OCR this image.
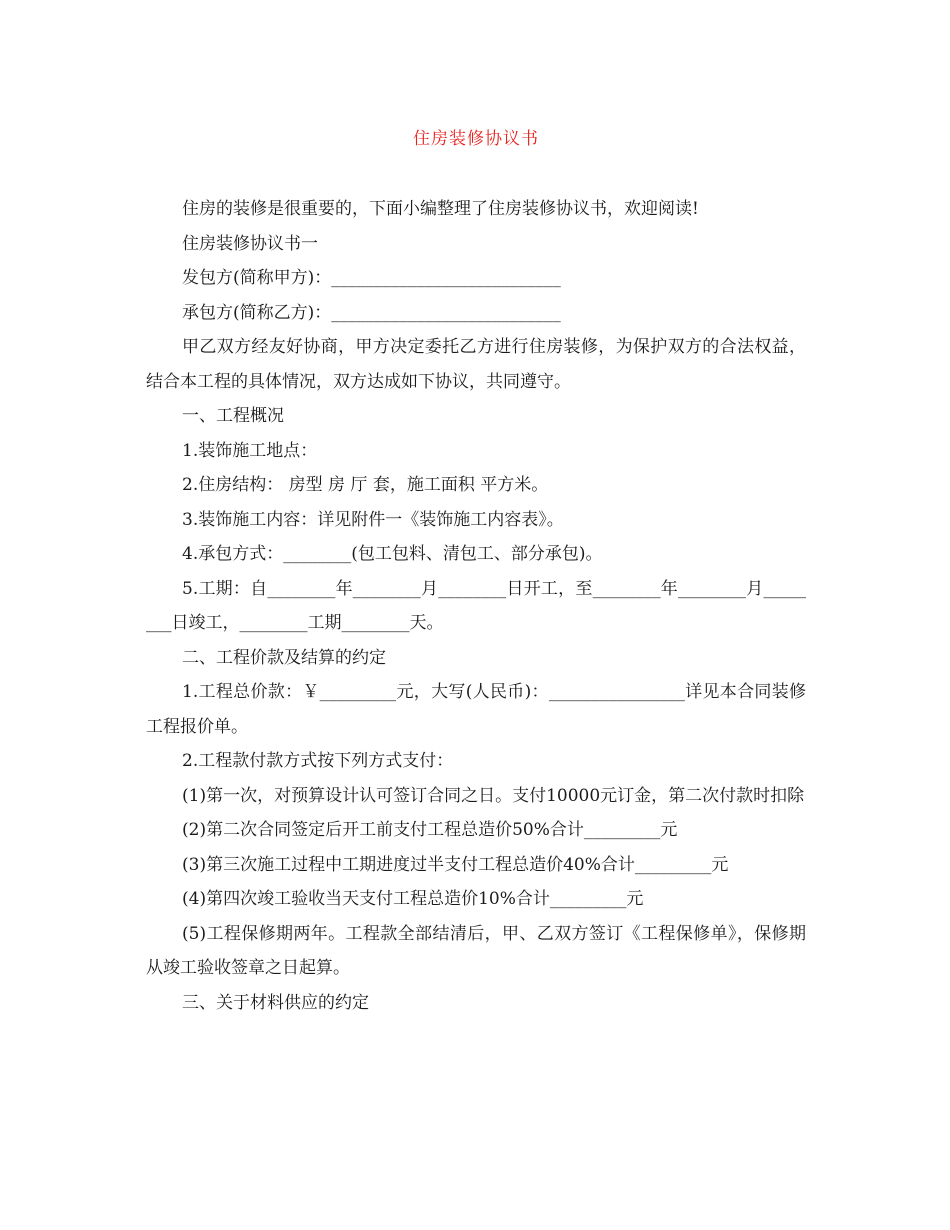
住房装修协议书

住房的装修是很重要的，下面小编整理了住房装修协议书，欢迎阅读!

住房装修协议书一

发包方(简称甲方)：___________________________

承包方(简称乙方)：___________________________

甲乙双方经友好协商，甲方决定委托乙方进行住房装修，为保护双方的合法权益，结合本工程的具体情况，双方达成如下协议，共同遵守。

一、工程概况

1.装饰施工地点：

2.住房结构： 房型 房 厅 套，施工面积 平方米。

3.装饰施工内容：详见附件一《装饰施工内容表》。

4.承包方式：________(包工包料、清包工、部分承包)。

5.工期：自________年________月________日开工，至________年________月________日竣工，________工期________天。

二、工程价款及结算的约定

1.工程总价款：￥_________元，大写(人民币)：________________详见本合同装修工程报价单。

2.工程款付款方式按下列方式支付：

(1)第一次，对预算设计认可签订合同之日。支付10000元订金，第二次付款时扣除

(2)第二次合同签定后开工前支付工程总造价50%合计_________元

(3)第三次施工过程中工期进度过半支付工程总造价40%合计_________元

(4)第四次竣工验收当天支付工程总造价10%合计_________元

(5)工程保修期两年。工程款全部结清后，甲、乙双方签订《工程保修单》，保修期从竣工验收签章之日起算。

三、关于材料供应的约定
